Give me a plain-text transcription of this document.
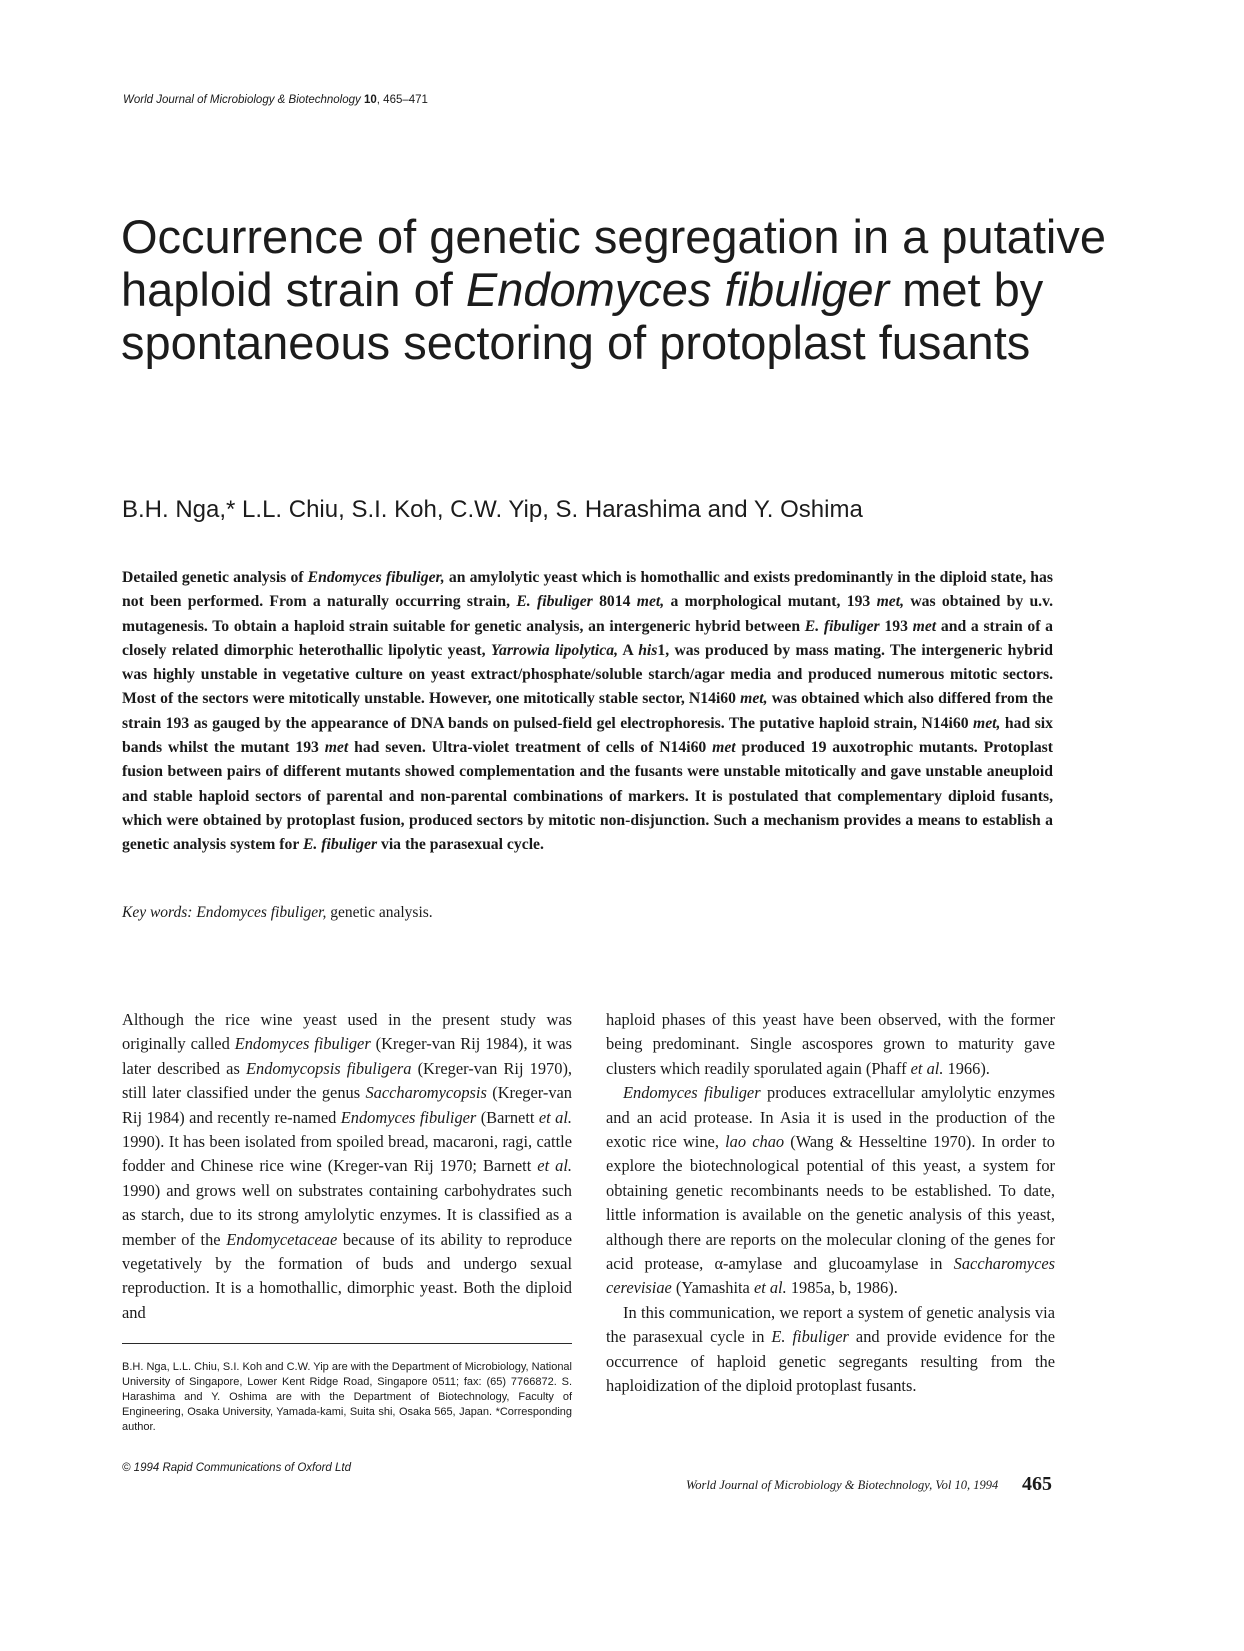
World Journal of Microbiology & Biotechnology 10, 465–471
Occurrence of genetic segregation in a putative haploid strain of Endomyces fibuliger met by spontaneous sectoring of protoplast fusants
B.H. Nga,* L.L. Chiu, S.I. Koh, C.W. Yip, S. Harashima and Y. Oshima

Detailed genetic analysis of Endomyces fibuliger, an amylolytic yeast which is homothallic and exists predominantly in the diploid state, has not been performed. From a naturally occurring strain, E. fibuliger 8014 met, a morphological mutant, 193 met, was obtained by u.v. mutagenesis. To obtain a haploid strain suitable for genetic analysis, an intergeneric hybrid between E. fibuliger 193 met and a strain of a closely related dimorphic heterothallic lipolytic yeast, Yarrowia lipolytica, A his1, was produced by mass mating. The intergeneric hybrid was highly unstable in vegetative culture on yeast extract/phosphate/soluble starch/agar media and produced numerous mitotic sectors. Most of the sectors were mitotically unstable. However, one mitotically stable sector, N14i60 met, was obtained which also differed from the strain 193 as gauged by the appearance of DNA bands on pulsed-field gel electrophoresis. The putative haploid strain, N14i60 met, had six bands whilst the mutant 193 met had seven. Ultra-violet treatment of cells of N14i60 met produced 19 auxotrophic mutants. Protoplast fusion between pairs of different mutants showed complementation and the fusants were unstable mitotically and gave unstable aneuploid and stable haploid sectors of parental and non-parental combinations of markers. It is postulated that complementary diploid fusants, which were obtained by protoplast fusion, produced sectors by mitotic non-disjunction. Such a mechanism provides a means to establish a genetic analysis system for E. fibuliger via the parasexual cycle.

Key words: Endomyces fibuliger, genetic analysis.

Although the rice wine yeast used in the present study was originally called Endomyces fibuliger (Kreger-van Rij 1984), it was later described as Endomycopsis fibuligera (Kreger-van Rij 1970), still later classified under the genus Saccharomycopsis (Kreger-van Rij 1984) and recently re-named Endomyces fibuliger (Barnett et al. 1990). It has been isolated from spoiled bread, macaroni, ragi, cattle fodder and Chinese rice wine (Kreger-van Rij 1970; Barnett et al. 1990) and grows well on substrates containing carbohydrates such as starch, due to its strong amylolytic enzymes. It is classified as a member of the Endomycetaceae because of its ability to reproduce vegetatively by the formation of buds and undergo sexual reproduction. It is a homothallic, dimorphic yeast. Both the diploid and

haploid phases of this yeast have been observed, with the former being predominant. Single ascospores grown to maturity gave clusters which readily sporulated again (Phaff et al. 1966).

Endomyces fibuliger produces extracellular amylolytic enzymes and an acid protease. In Asia it is used in the production of the exotic rice wine, lao chao (Wang & Hesseltine 1970). In order to explore the biotechnological potential of this yeast, a system for obtaining genetic recombinants needs to be established. To date, little information is available on the genetic analysis of this yeast, although there are reports on the molecular cloning of the genes for acid protease, α-amylase and glucoamylase in Saccharomyces cerevisiae (Yamashita et al. 1985a, b, 1986).

In this communication, we report a system of genetic analysis via the parasexual cycle in E. fibuliger and provide evidence for the occurrence of haploid genetic segregants resulting from the haploidization of the diploid protoplast fusants.

B.H. Nga, L.L. Chiu, S.I. Koh and C.W. Yip are with the Department of Microbiology, National University of Singapore, Lower Kent Ridge Road, Singapore 0511; fax: (65) 7766872. S. Harashima and Y. Oshima are with the Department of Biotechnology, Faculty of Engineering, Osaka University, Yamada-kami, Suita shi, Osaka 565, Japan. *Corresponding author.

© 1994 Rapid Communications of Oxford Ltd
World Journal of Microbiology & Biotechnology, Vol 10, 1994	465
